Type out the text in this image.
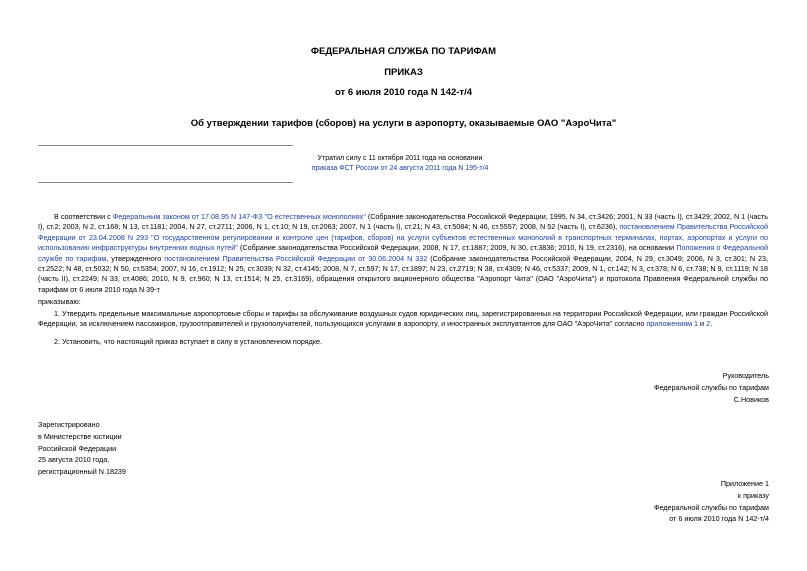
ФЕДЕРАЛЬНАЯ СЛУЖБА ПО ТАРИФАМ
ПРИКАЗ
от 6 июля 2010 года N 142-т/4
Об утверждении тарифов (сборов) на услуги в аэропорту, оказываемые ОАО "АэроЧита"
Утратил силу с 11 октября 2011 года на основании
приказа ФСТ России от 24 августа 2011 года N 195-т/4
В соответствии с Федеральным законом от 17.08.95 N 147-ФЗ "О естественных монополиях" (Собрание законодательства Российской Федерации, 1995, N 34, ст.3426; 2001, N 33 (часть I), ст.3429; 2002, N 1 (часть I), ст.2; 2003, N 2, ст.168; N 13, ст.1181; 2004, N 27, ст.2711; 2006, N 1, ст.10; N 19, ст.2063; 2007, N 1 (часть I), ст.21; N 43, ст.5084; N 46, ст.5557; 2008, N 52 (часть I), ст.6236), постановлением Правительства Российской Федерации от 23.04.2008 N 293 "О государственном регулировании и контроле цен (тарифов, сборов) на услуги субъектов естественных монополий в транспортных терминалах, портах, аэропортах и услуги по использованию инфраструктуры внутренних водных путей" (Собрание законодательства Российской Федерации, 2008, N 17, ст.1887; 2009, N 30, ст.3836; 2010, N 19, ст.2316), на основании Положения о Федеральной службе по тарифам, утвержденного постановлением Правительства Российской Федерации от 30.06.2004 N 332 (Собрание законодательства Российской Федерации, 2004, N 29, ст.3049; 2006, N 3, ст.301; N 23, ст.2522; N 48, ст.5032; N 50, ст.5354; 2007, N 16, ст.1912; N 25, ст.3039; N 32, ст.4145; 2008, N 7, ст.597; N 17, ст.1897; N 23, ст.2719; N 38, ст.4309; N 46, ст.5337; 2009, N 1, ст.142; N 3, ст.378; N 6, ст.738; N 9, ст.1119; N 18 (часть II), ст.2249; N 33, ст.4086; 2010, N 9, ст.960; N 13, ст.1514; N 25, ст.3169), обращения открытого акционерного общества "Аэропорт Чита" (ОАО "АэроЧита") и протокола Правления Федеральной службы по тарифам от 6 июля 2010 года N 39-т
приказываю:
1. Утвердить предельные максимальные аэропортовые сборы и тарифы за обслуживание воздушных судов юридических лиц, зарегистрированных на территории Российской Федерации, или граждан Российской Федерации, за исключением пассажиров, грузоотправителей и грузополучателей, пользующихся услугами в аэропорту, и иностранных эксплуатантов для ОАО "АэроЧита" согласно приложениям 1 и 2.
2. Установить, что настоящий приказ вступает в силу в установленном порядке.
Руководитель
Федеральной службы по тарифам
С.Новиков
Зарегистрировано
в Министерстве юстиции
Российской Федерации
25 августа 2010 года,
регистрационный N 18239
Приложение 1
к приказу
Федеральной службы по тарифам
от 6 июля 2010 года N 142-т/4
